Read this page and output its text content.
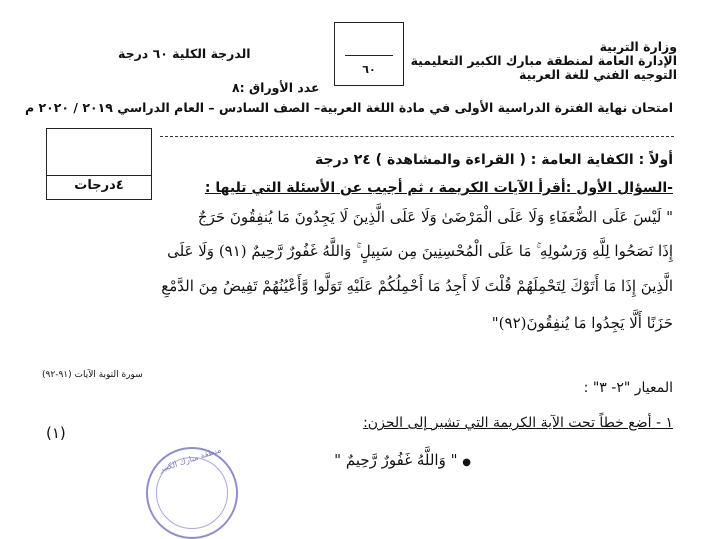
وزارة التربية
الإدارة العامة لمنطقة مبارك الكبير التعليمية
التوجيه الفني للغة العربية
الدرجة الكلية ٦٠ درجة
عدد الأوراق :٨
٦٠
امتحان نهاية الفترة الدراسية الأولى في مادة اللغة العربية– الصف السادس – العام الدراسي ٢٠١٩ / ٢٠٢٠ م
٤درجات
أولاً : الكفاية العامة : ( القراءة والمشاهدة ) ٢٤ درجة
-السؤال الأول :أقرأ الآيات الكريمة ، ثم أجيب عن الأسئلة التي تليها :
" لَيْسَ عَلَى الضُّعَفَاءِ وَلَا عَلَى الْمَرْضَىٰ وَلَا عَلَى الَّذِينَ لَا يَجِدُونَ مَا يُنفِقُونَ حَرَجٌ
إِذَا نَصَحُوا لِلَّهِ وَرَسُولِهِ ۚ مَا عَلَى الْمُحْسِنِينَ مِن سَبِيلٍ ۚ وَاللَّهُ غَفُورٌ رَّحِيمٌ (٩١) وَلَا عَلَى
الَّذِينَ إِذَا مَا أَتَوْكَ لِتَحْمِلَهُمْ قُلْتَ لَا أَجِدُ مَا أَحْمِلُكُمْ عَلَيْهِ تَوَلَّوا وَّأَعْيُنُهُمْ تَفِيضُ مِنَ الدَّمْعِ
حَزَنًا أَلَّا يَجِدُوا مَا يُنفِقُونَ(٩٢)"
سورة التوبة الآيات (٩١-٩٢)
المعيار "٢- ٣" :
١ - أضع خطاً تحت الآية الكريمة التي تشير إلى الحزن:
(١)
● " وَاللَّهُ غَفُورٌ رَّحِيمٌ "
منطقة مبارك الكبير
